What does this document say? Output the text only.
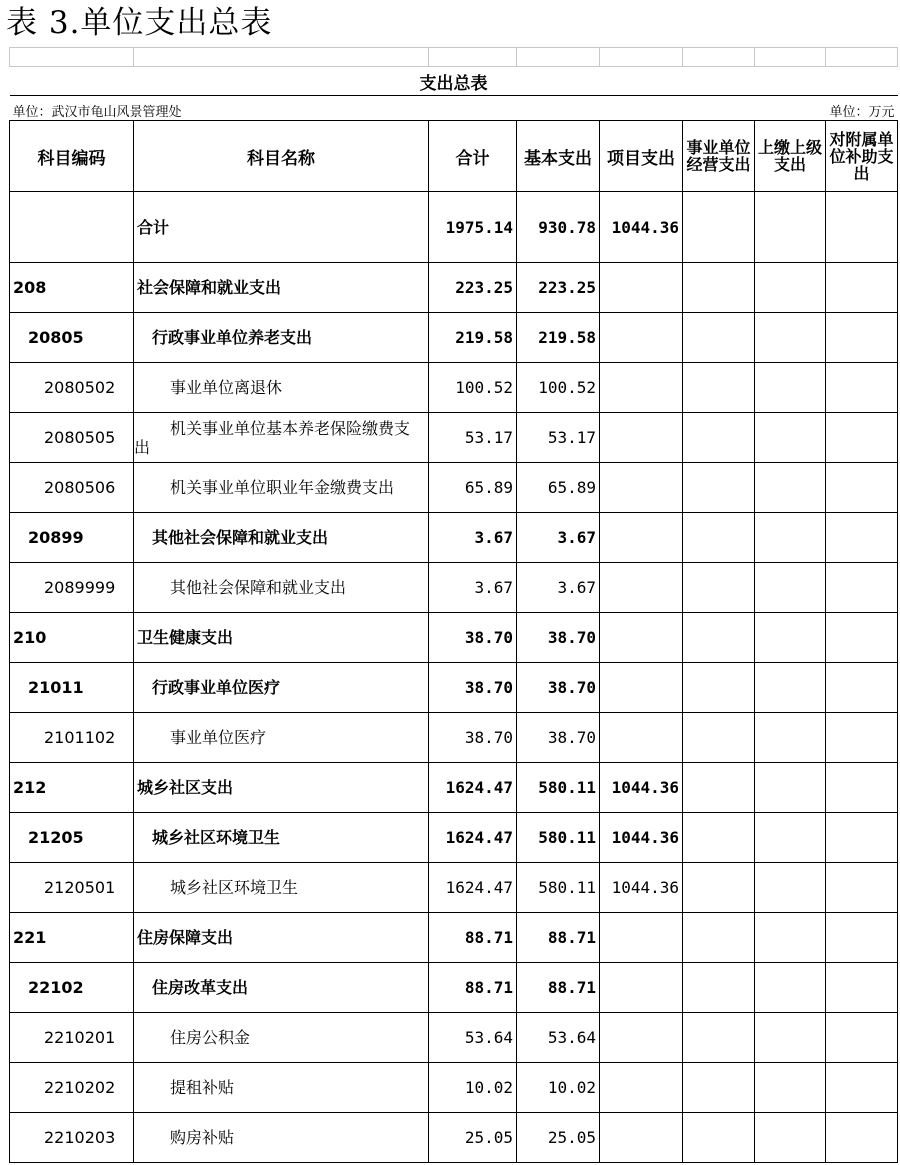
表 3.单位支出总表

支出总表							
单位：武汉市龟山风景管理处			单位：万元				
科目编码	科目名称	合计	基本支出	项目支出	事业单位经营支出	上缴上级支出	对附属单位补助支出
	合计	1975.14	930.78	1044.36			
208	社会保障和就业支出	223.25	223.25				
20805	行政事业单位养老支出	219.58	219.58				
2080502	事业单位离退休	100.52	100.52				
2080505	机关事业单位基本养老保险缴费支出	53.17	53.17				
2080506	机关事业单位职业年金缴费支出	65.89	65.89				
20899	其他社会保障和就业支出	3.67	3.67				
2089999	其他社会保障和就业支出	3.67	3.67				
210	卫生健康支出	38.70	38.70				
21011	行政事业单位医疗	38.70	38.70				
2101102	事业单位医疗	38.70	38.70				
212	城乡社区支出	1624.47	580.11	1044.36			
21205	城乡社区环境卫生	1624.47	580.11	1044.36			
2120501	城乡社区环境卫生	1624.47	580.11	1044.36			
221	住房保障支出	88.71	88.71				
22102	住房改革支出	88.71	88.71				
2210201	住房公积金	53.64	53.64				
2210202	提租补贴	10.02	10.02				
2210203	购房补贴	25.05	25.05				
